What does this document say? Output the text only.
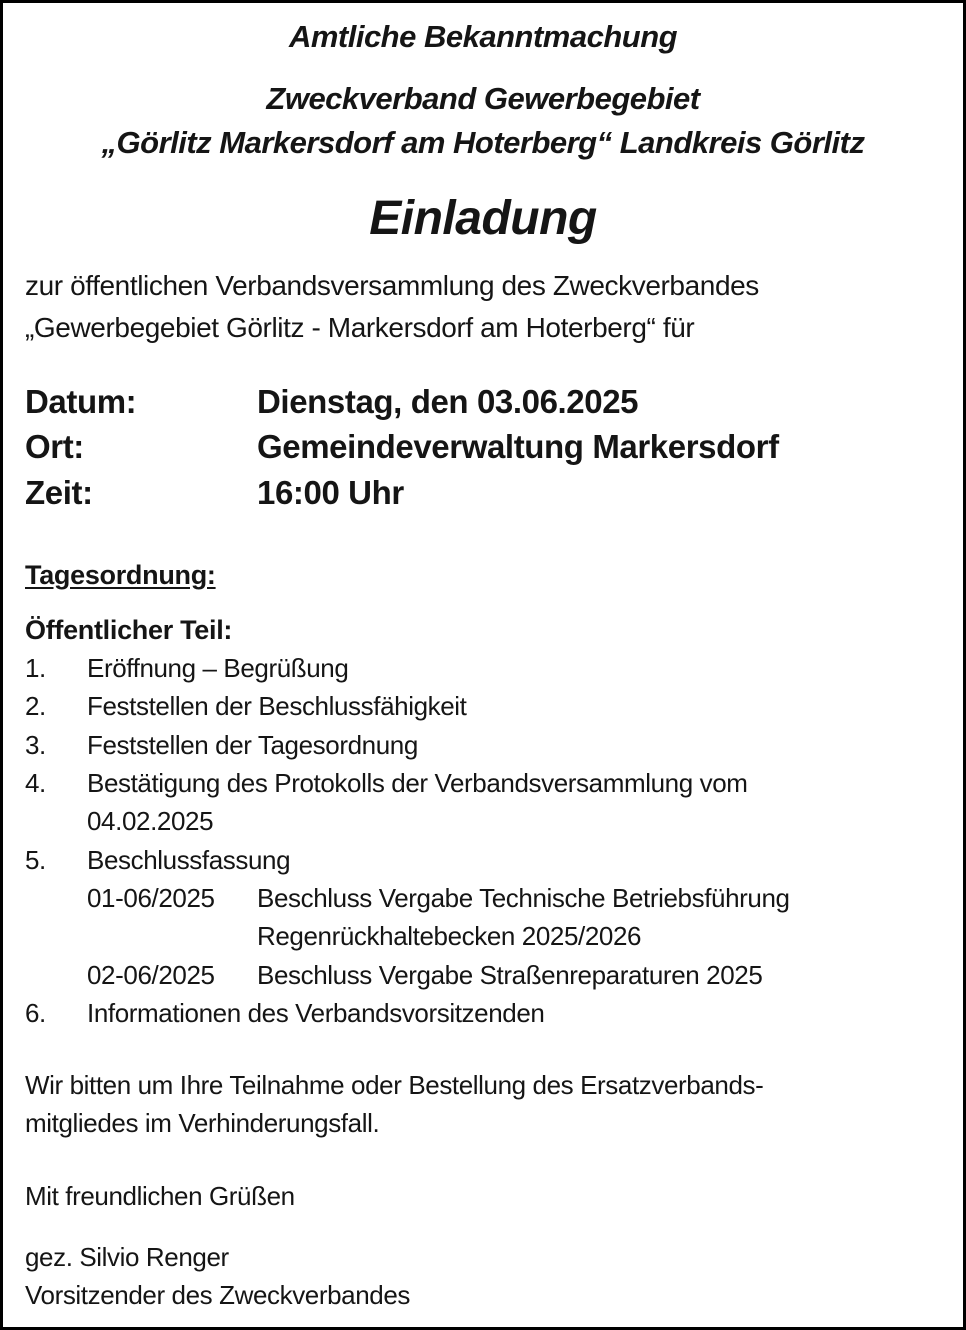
Amtliche Bekanntmachung
Zweckverband Gewerbegebiet
„Görlitz Markersdorf am Hoterberg“ Landkreis Görlitz
Einladung
zur öffentlichen Verbandsversammlung des Zweckverbandes
„Gewerbegebiet Görlitz - Markersdorf am Hoterberg“ für
Datum:	Dienstag, den 03.06.2025
Ort:	Gemeindeverwaltung Markersdorf
Zeit:	16:00 Uhr
Tagesordnung:
Öffentlicher Teil:
1. Eröffnung – Begrüßung
2. Feststellen der Beschlussfähigkeit
3. Feststellen der Tagesordnung
4. Bestätigung des Protokolls der Verbandsversammlung vom
04.02.2025
5. Beschlussfassung
01-06/2025 Beschluss Vergabe Technische Betriebsführung
Regenrückhaltebecken 2025/2026
02-06/2025 Beschluss Vergabe Straßenreparaturen 2025
6. Informationen des Verbandsvorsitzenden
Wir bitten um Ihre Teilnahme oder Bestellung des Ersatzverbands-
mitgliedes im Verhinderungsfall.
Mit freundlichen Grüßen
gez. Silvio Renger
Vorsitzender des Zweckverbandes
